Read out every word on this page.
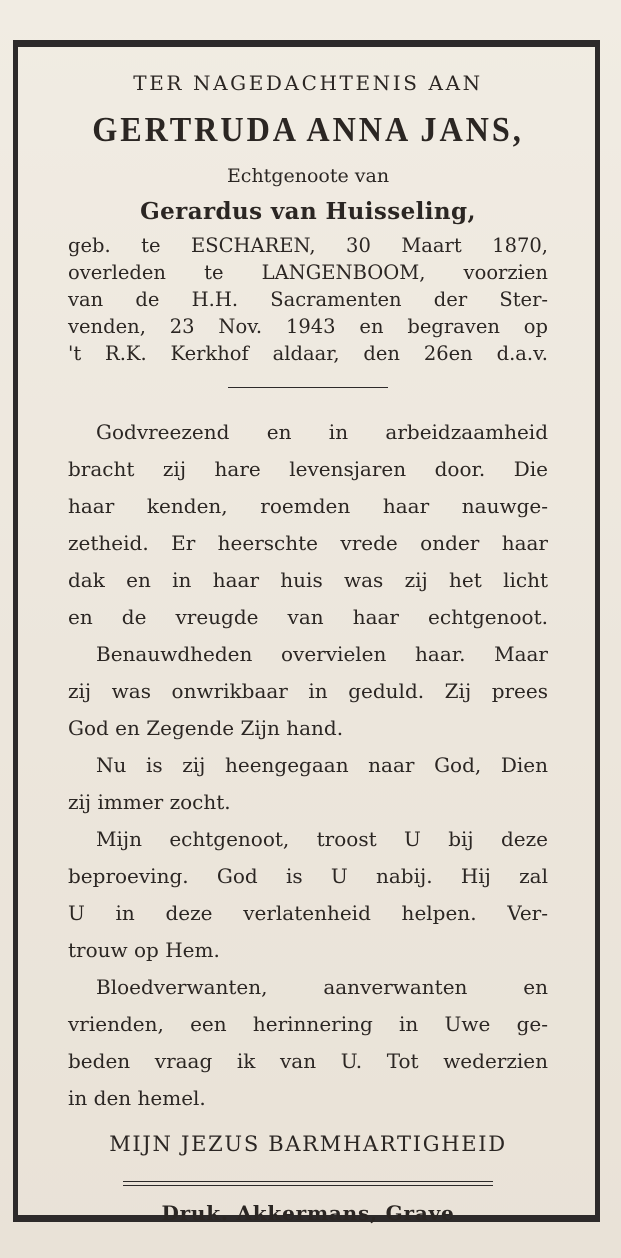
TER NAGEDACHTENIS AAN

GERTRUDA ANNA JANS,

Echtgenoote van

Gerardus van Huisseling,

geb. te ESCHAREN, 30 Maart 1870,
overleden te LANGENBOOM, voorzien
van de H.H. Sacramenten der Ster-
venden, 23 Nov. 1943 en begraven op
't R.K. Kerkhof aldaar, den 26en d.a.v.
Godvreezend en in arbeidzaamheid
bracht zij hare levensjaren door. Die
haar kenden, roemden haar nauwge-
zetheid. Er heerschte vrede onder haar
dak en in haar huis was zij het licht
en de vreugde van haar echtgenoot.
Benauwdheden overvielen haar. Maar
zij was onwrikbaar in geduld. Zij prees
God en Zegende Zijn hand.
Nu is zij heengegaan naar God, Dien
zij immer zocht.
Mijn echtgenoot, troost U bij deze
beproeving. God is U nabij. Hij zal
U in deze verlatenheid helpen. Ver-
trouw op Hem.
Bloedverwanten, aanverwanten en
vrienden, een herinnering in Uwe ge-
beden vraag ik van U. Tot wederzien
in den hemel.
MIJN JEZUS BARMHARTIGHEID
Druk. Akkermans, Grave
